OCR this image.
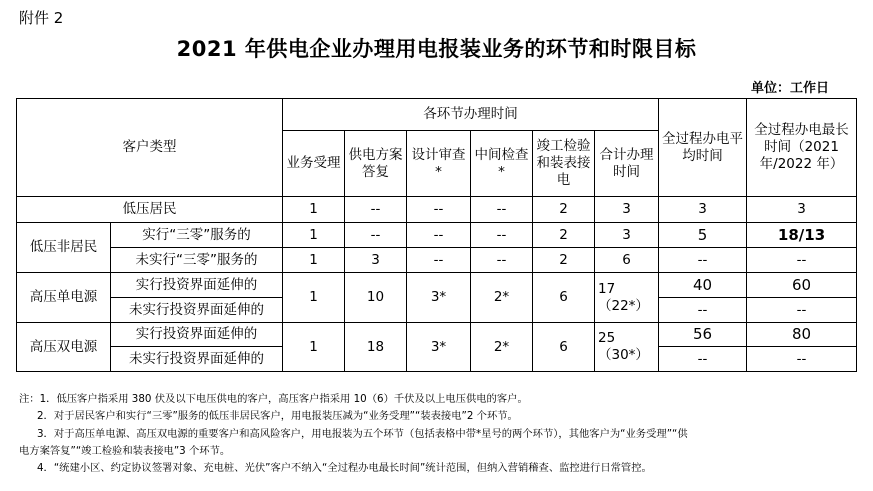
附件 2
2021 年供电企业办理用电报装业务的环节和时限目标
单位：工作日
客户类型		各环节办理时间						全过程办电平均时间	全过程办电最长时间（2021年/2022 年）
		业务受理	供电方案答复	设计审查*	中间检查*	竣工检验和装表接电	合计办理时间		
低压居民		1	--	--	--	2	3	3	3
低压非居民	实行“三零”服务的	1	--	--	--	2	3	5	18/13
	未实行“三零”服务的	1	3	--	--	2	6	--	--
高压单电源	实行投资界面延伸的	1	10	3*	2*	6	17（22*）	40	60
	未实行投资界面延伸的							--	--
高压双电源	实行投资界面延伸的	1	18	3*	2*	6	25（30*）	56	80
	未实行投资界面延伸的							--	--
注：1．低压客户指采用 380 伏及以下电压供电的客户，高压客户指采用 10（6）千伏及以上电压供电的客户。
2．对于居民客户和实行“三零”服务的低压非居民客户，用电报装压减为“业务受理”“装表接电”2 个环节。
3．对于高压单电源、高压双电源的重要客户和高风险客户，用电报装为五个环节（包括表格中带*星号的两个环节），其他客户为“业务受理”“供
电方案答复”“竣工检验和装表接电”3 个环节。
4．“统建小区、约定协议签署对象、充电桩、光伏”客户不纳入“全过程办电最长时间”统计范围，但纳入营销稽查、监控进行日常管控。
